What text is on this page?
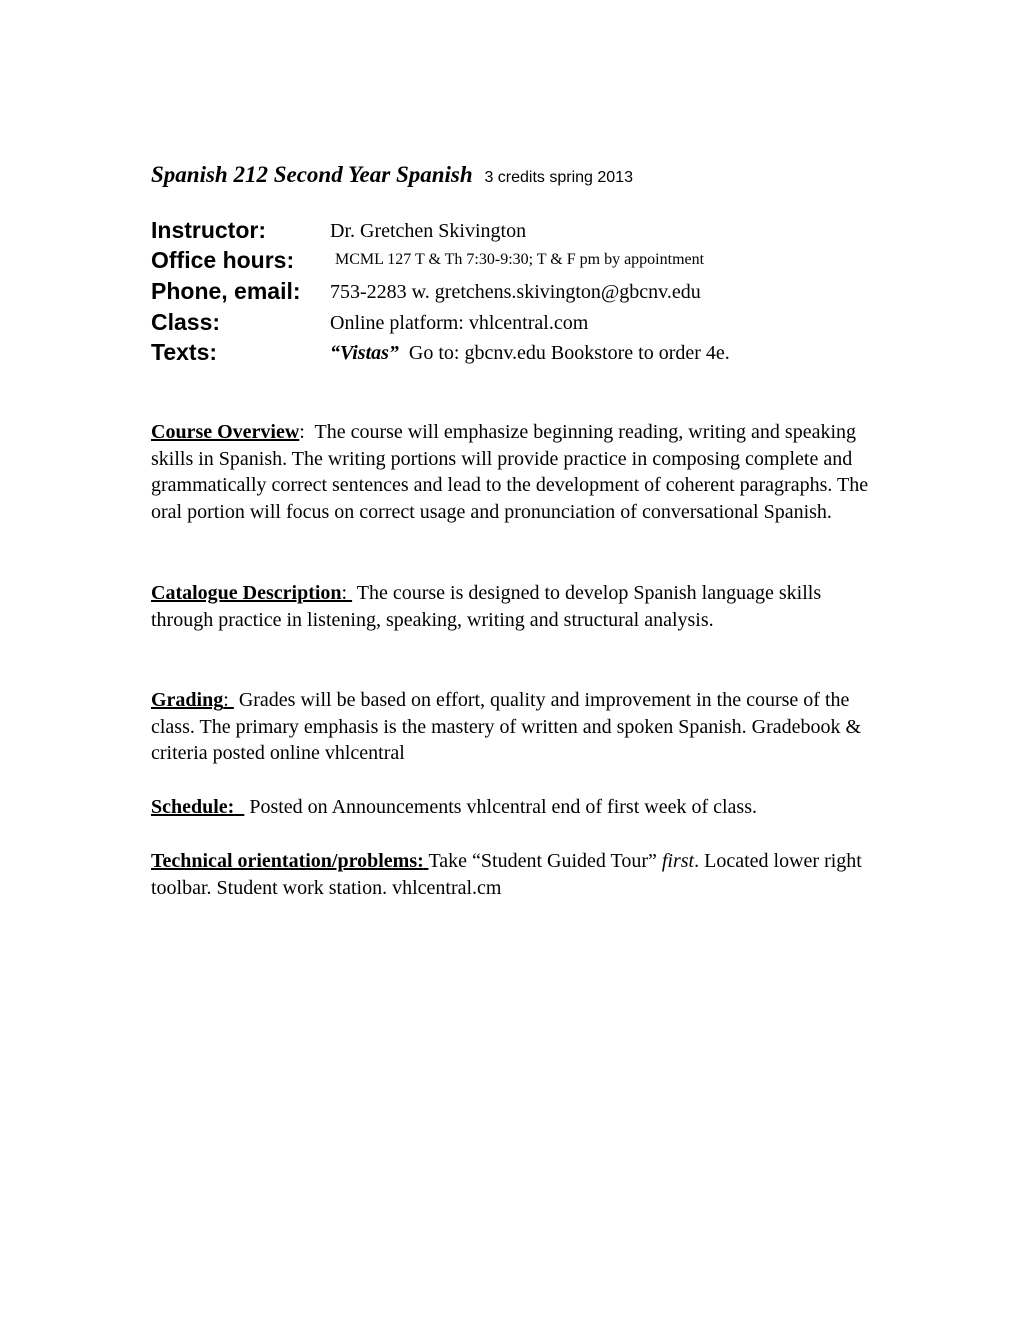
Spanish 212 Second Year Spanish 3 credits spring 2013
Instructor:	Dr. Gretchen Skivington
Office hours:	MCML 127 T & Th 7:30-9:30; T & F pm by appointment
Phone, email: 753-2283 w. gretchens.skivington@gbcnv.edu
Class:	Online platform: vhlcentral.com
Texts:	“Vistas” Go to: gbcnv.edu Bookstore to order 4e.
Course Overview:  The course will emphasize beginning reading, writing and speaking skills in Spanish. The writing portions will provide practice in composing complete and grammatically correct sentences and lead to the development of coherent paragraphs. The oral portion will focus on correct usage and pronunciation of conversational Spanish.
Catalogue Description:  The course is designed to develop Spanish language skills through practice in listening, speaking, writing and structural analysis.
Grading:  Grades will be based on effort, quality and improvement in the course of the class. The primary emphasis is the mastery of written and spoken Spanish. Gradebook & criteria posted online vhlcentral
Schedule: Posted on Announcements vhlcentral end of first week of class.
Technical orientation/problems: Take “Student Guided Tour” first. Located lower right toolbar. Student work station. vhlcentral.cm
